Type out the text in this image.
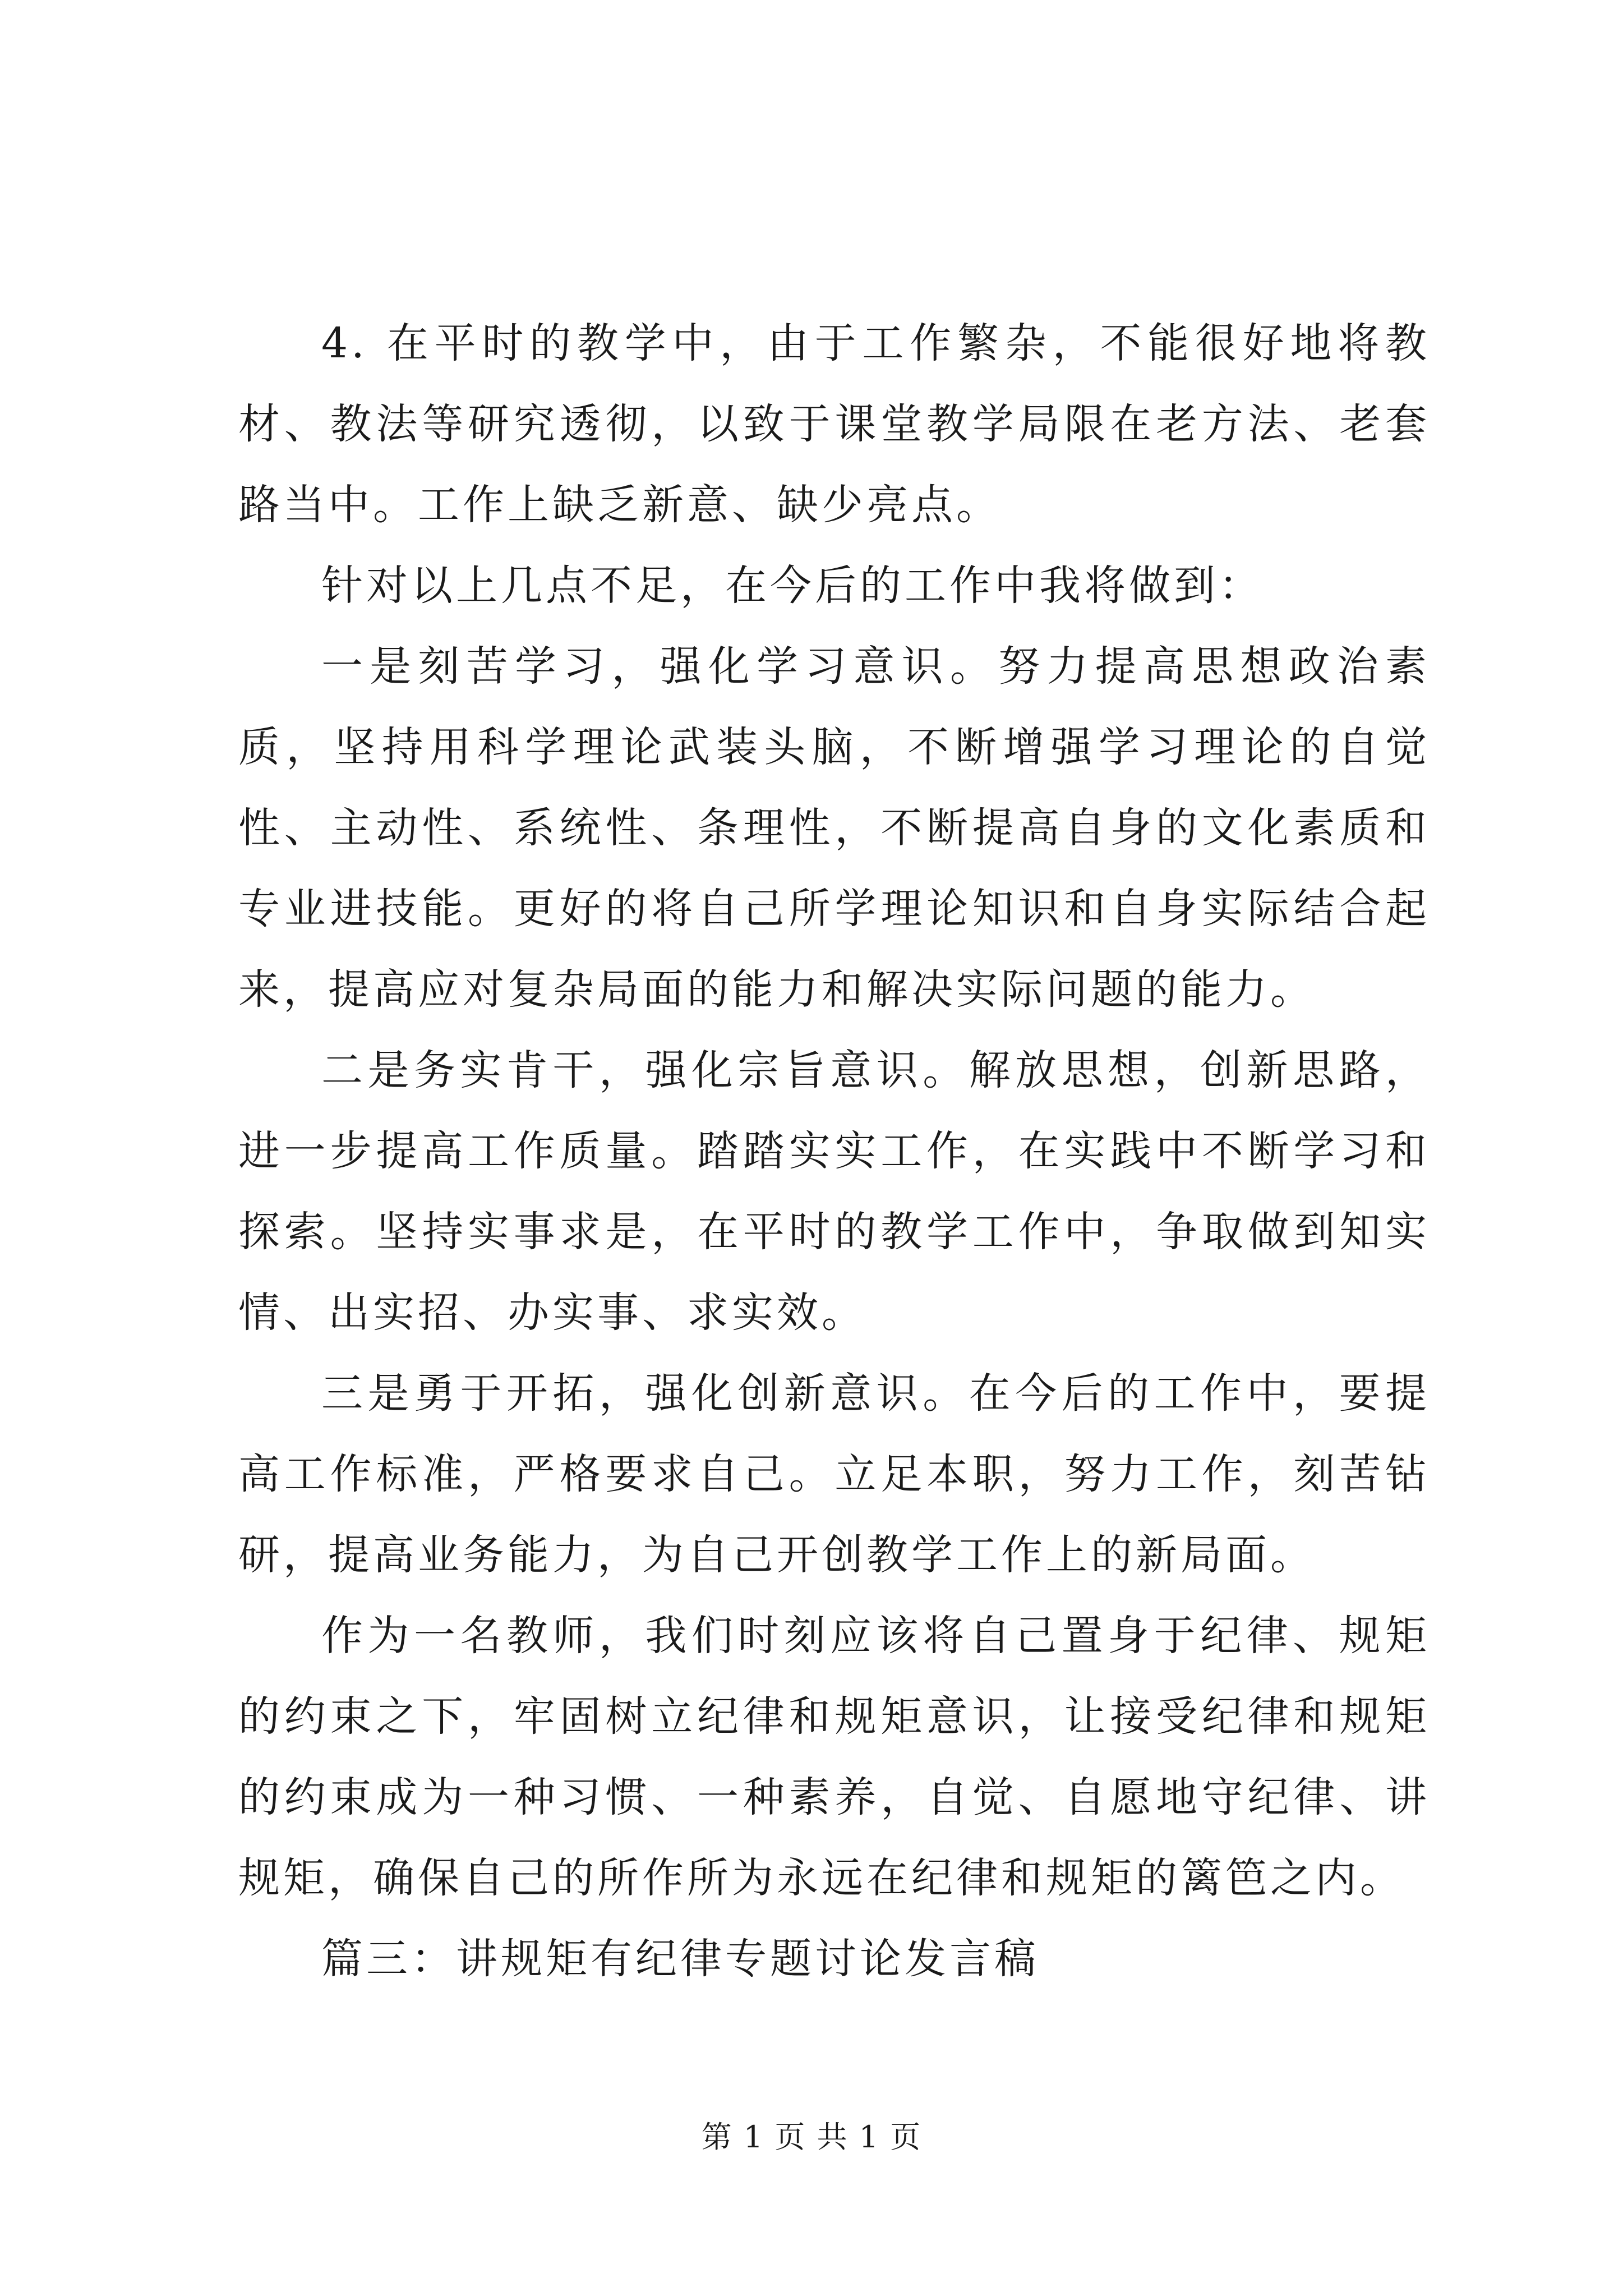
4. 在平时的教学中，由于工作繁杂，不能很好地将教材、教法等研究透彻，以致于课堂教学局限在老方法、老套路当中。工作上缺乏新意、缺少亮点。

针对以上几点不足，在今后的工作中我将做到：

一是刻苦学习，强化学习意识。努力提高思想政治素质，坚持用科学理论武装头脑，不断增强学习理论的自觉性、主动性、系统性、条理性，不断提高自身的文化素质和专业进技能。更好的将自己所学理论知识和自身实际结合起来，提高应对复杂局面的能力和解决实际问题的能力。

二是务实肯干，强化宗旨意识。解放思想，创新思路，进一步提高工作质量。踏踏实实工作，在实践中不断学习和探索。坚持实事求是，在平时的教学工作中，争取做到知实情、出实招、办实事、求实效。

三是勇于开拓，强化创新意识。在今后的工作中，要提高工作标准，严格要求自己。立足本职，努力工作，刻苦钻研，提高业务能力，为自己开创教学工作上的新局面。

作为一名教师，我们时刻应该将自己置身于纪律、规矩的约束之下，牢固树立纪律和规矩意识，让接受纪律和规矩的约束成为一种习惯、一种素养，自觉、自愿地守纪律、讲规矩，确保自己的所作所为永远在纪律和规矩的篱笆之内。

篇三：讲规矩有纪律专题讨论发言稿

第 1 页 共 1 页
